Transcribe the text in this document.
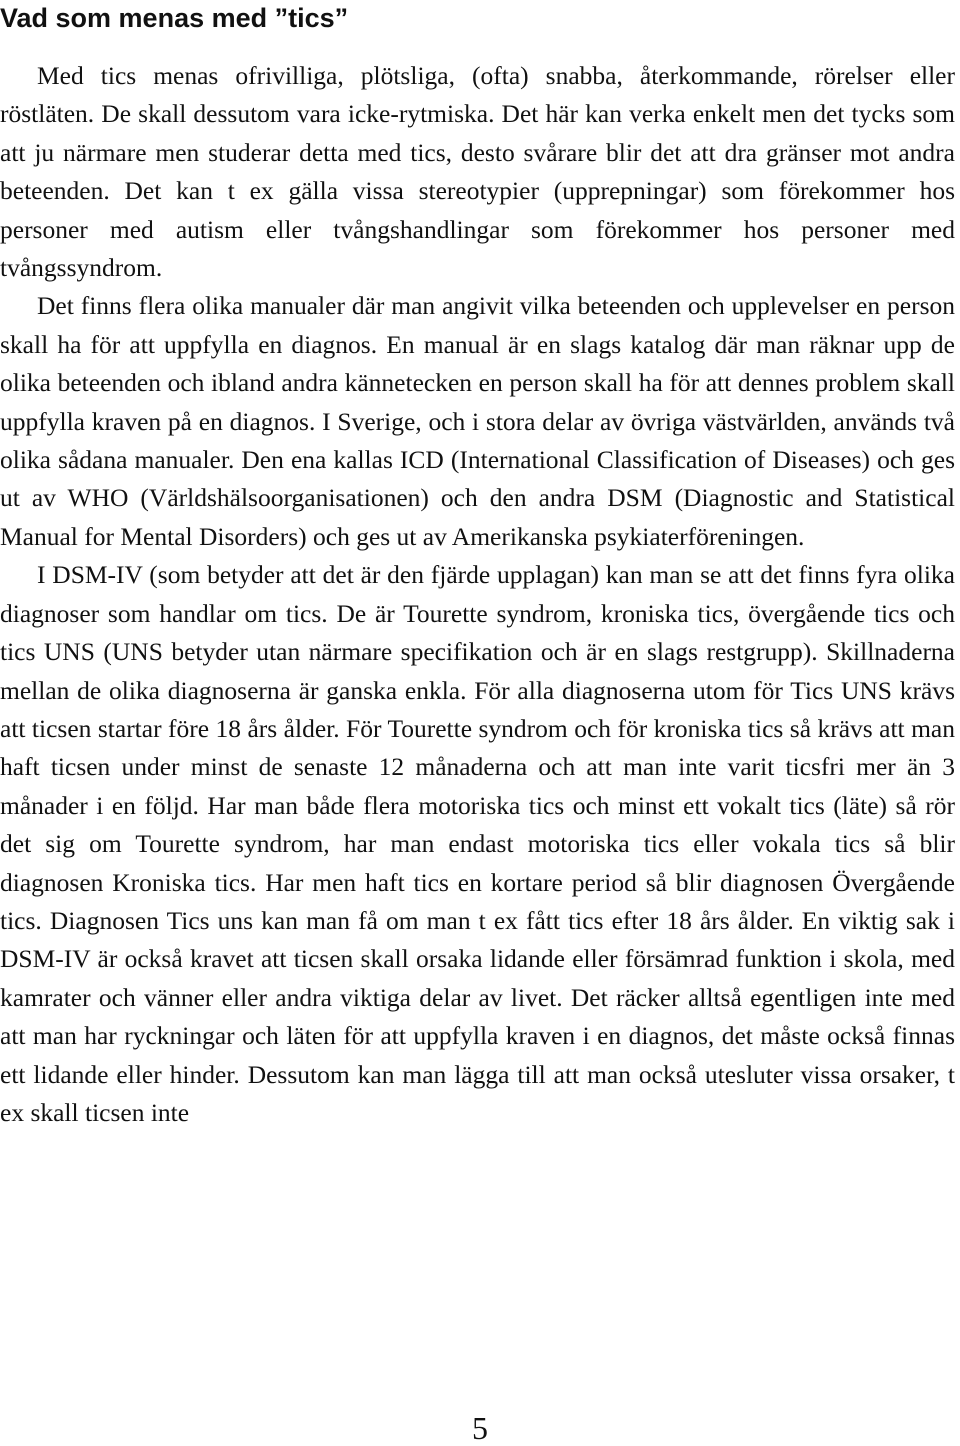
Vad som menas med ”tics”

Med tics menas ofrivilliga, plötsliga, (ofta) snabba, återkommande, rörelser eller röstläten. De skall dessutom vara icke-rytmiska. Det här kan verka enkelt men det tycks som att ju närmare men studerar detta med tics, desto svårare blir det att dra gränser mot andra beteenden. Det kan t ex gälla vissa stereotypier (upprepningar) som förekommer hos personer med autism eller tvångshandlingar som förekommer hos personer med tvångssyndrom.

Det finns flera olika manualer där man angivit vilka beteenden och upplevelser en person skall ha för att uppfylla en diagnos. En manual är en slags katalog där man räknar upp de olika beteenden och ibland andra kännetecken en person skall ha för att dennes problem skall uppfylla kraven på en diagnos. I Sverige, och i stora delar av övriga västvärlden, används två olika sådana manualer. Den ena kallas ICD (International Classification of Diseases) och ges ut av WHO (Världshälsoorganisationen) och den andra DSM (Diagnostic and Statistical Manual for Mental Disorders) och ges ut av Amerikanska psykiaterföreningen.

I DSM-IV (som betyder att det är den fjärde upplagan) kan man se att det finns fyra olika diagnoser som handlar om tics. De är Tourette syndrom, kroniska tics, övergående tics och tics UNS (UNS betyder utan närmare specifikation och är en slags restgrupp). Skillnaderna mellan de olika diagnoserna är ganska enkla. För alla diagnoserna utom för Tics UNS krävs att ticsen startar före 18 års ålder. För Tourette syndrom och för kroniska tics så krävs att man haft ticsen under minst de senaste 12 månaderna och att man inte varit ticsfri mer än 3 månader i en följd. Har man både flera motoriska tics och minst ett vokalt tics (läte) så rör det sig om Tourette syndrom, har man endast motoriska tics eller vokala tics så blir diagnosen Kroniska tics. Har men haft tics en kortare period så blir diagnosen Övergående tics. Diagnosen Tics uns kan man få om man t ex fått tics efter 18 års ålder. En viktig sak i DSM-IV är också kravet att ticsen skall orsaka lidande eller försämrad funktion i skola, med kamrater och vänner eller andra viktiga delar av livet. Det räcker alltså egentligen inte med att man har ryckningar och läten för att uppfylla kraven i en diagnos, det måste också finnas ett lidande eller hinder. Dessutom kan man lägga till att man också utesluter vissa orsaker, t ex skall ticsen inte

5
